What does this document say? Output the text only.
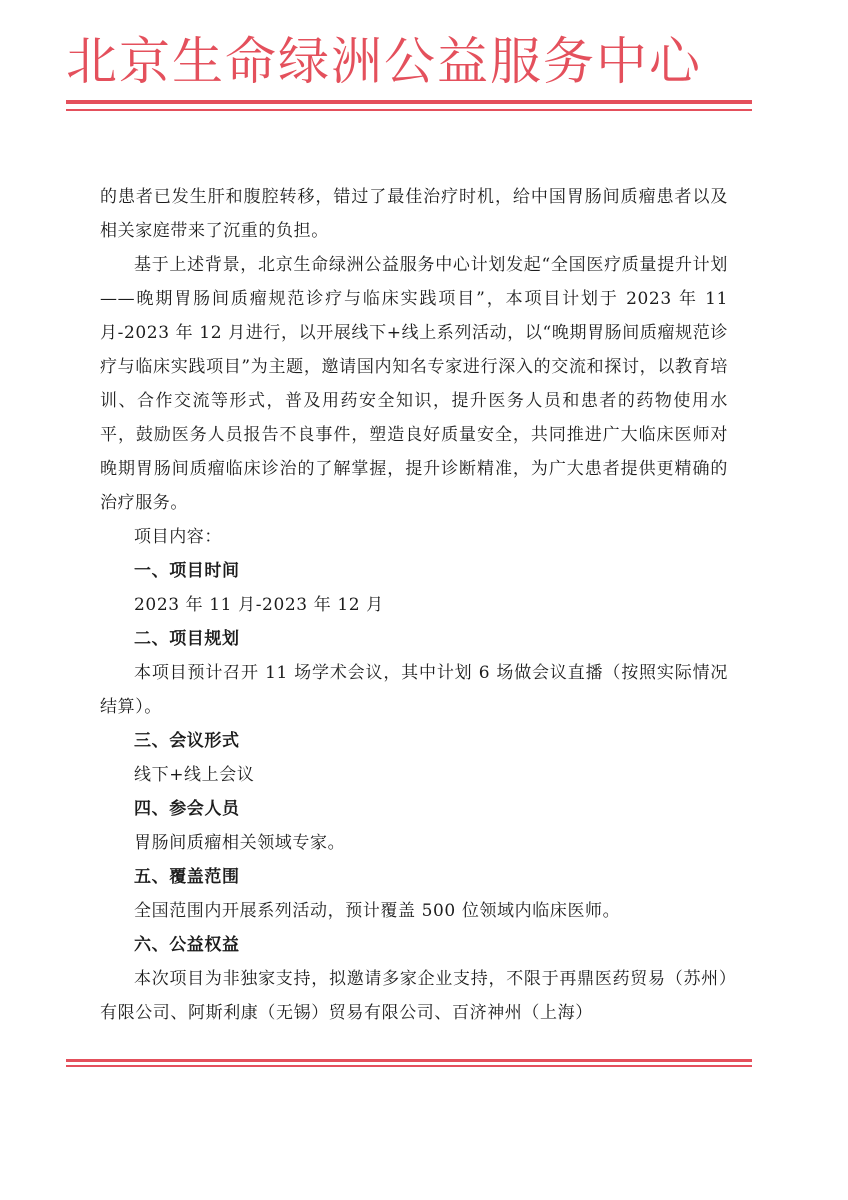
北京生命绿洲公益服务中心

的患者已发生肝和腹腔转移，错过了最佳治疗时机，给中国胃肠间质瘤患者以及相关家庭带来了沉重的负担。

基于上述背景，北京生命绿洲公益服务中心计划发起“全国医疗质量提升计划——晚期胃肠间质瘤规范诊疗与临床实践项目”，本项目计划于 2023 年 11 月-2023 年 12 月进行，以开展线下+线上系列活动，以“晚期胃肠间质瘤规范诊疗与临床实践项目”为主题，邀请国内知名专家进行深入的交流和探讨，以教育培训、合作交流等形式，普及用药安全知识，提升医务人员和患者的药物使用水平，鼓励医务人员报告不良事件，塑造良好质量安全，共同推进广大临床医师对晚期胃肠间质瘤临床诊治的了解掌握，提升诊断精准，为广大患者提供更精确的治疗服务。

项目内容：

一、项目时间

2023 年 11 月-2023 年 12 月

二、项目规划

本项目预计召开 11 场学术会议，其中计划 6 场做会议直播（按照实际情况结算）。

三、会议形式

线下+线上会议

四、参会人员

胃肠间质瘤相关领域专家。

五、覆盖范围

全国范围内开展系列活动，预计覆盖 500 位领域内临床医师。

六、公益权益

本次项目为非独家支持，拟邀请多家企业支持，不限于再鼎医药贸易（苏州）有限公司、阿斯利康（无锡）贸易有限公司、百济神州（上海）
